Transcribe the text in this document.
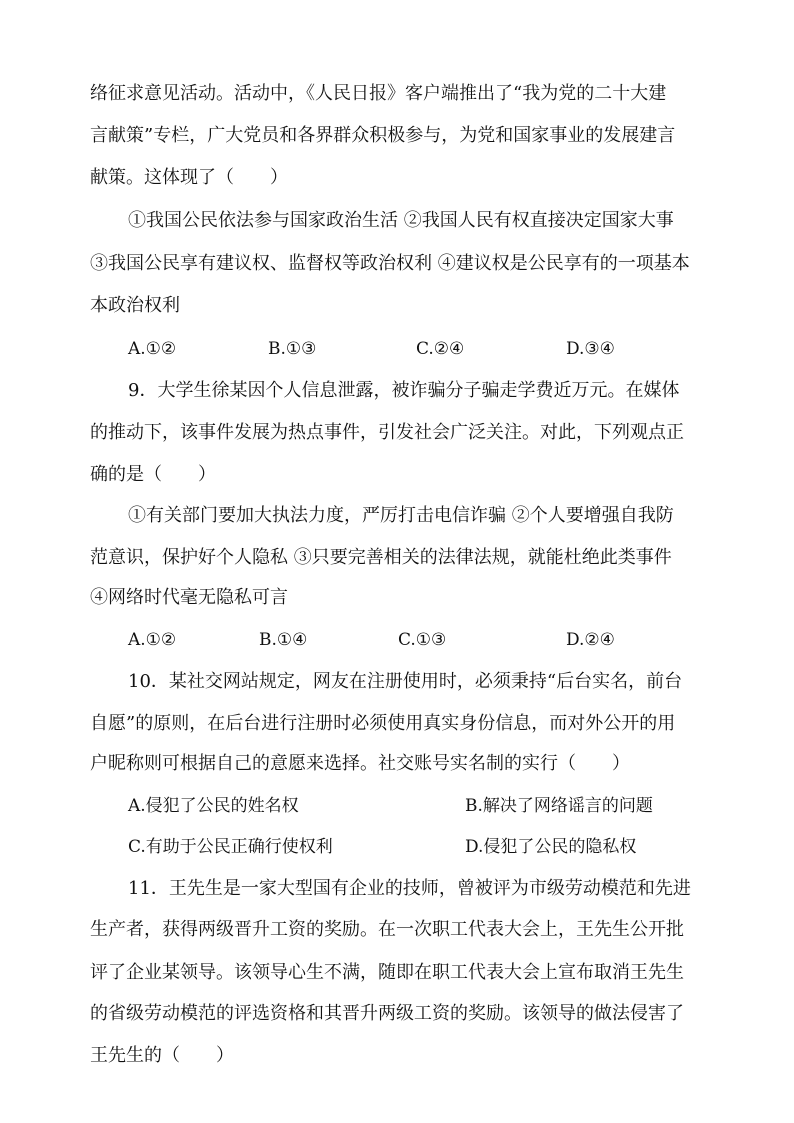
络征求意见活动。活动中，《人民日报》客户端推出了“我为党的二十大建
言献策”专栏，广大党员和各界群众积极参与，为党和国家事业的发展建言
献策。这体现了（　　）
①我国公民依法参与国家政治生活 ②我国人民有权直接决定国家大事
③我国公民享有建议权、监督权等政治权利 ④建议权是公民享有的一项基本
本政治权利
A.①②	B.①③	C.②④	D.③④
9．大学生徐某因个人信息泄露，被诈骗分子骗走学费近万元。在媒体
的推动下，该事件发展为热点事件，引发社会广泛关注。对此，下列观点正
确的是（　　）
①有关部门要加大执法力度，严厉打击电信诈骗 ②个人要增强自我防
范意识，保护好个人隐私 ③只要完善相关的法律法规，就能杜绝此类事件
④网络时代毫无隐私可言
A.①②	B.①④	C.①③	D.②④
10．某社交网站规定，网友在注册使用时，必须秉持“后台实名，前台
自愿”的原则，在后台进行注册时必须使用真实身份信息，而对外公开的用
户昵称则可根据自己的意愿来选择。社交账号实名制的实行（　　）
A.侵犯了公民的姓名权	B.解决了网络谣言的问题
C.有助于公民正确行使权利	D.侵犯了公民的隐私权
11．王先生是一家大型国有企业的技师，曾被评为市级劳动模范和先进
生产者，获得两级晋升工资的奖励。在一次职工代表大会上，王先生公开批
评了企业某领导。该领导心生不满，随即在职工代表大会上宣布取消王先生
的省级劳动模范的评选资格和其晋升两级工资的奖励。该领导的做法侵害了
王先生的（　　）
